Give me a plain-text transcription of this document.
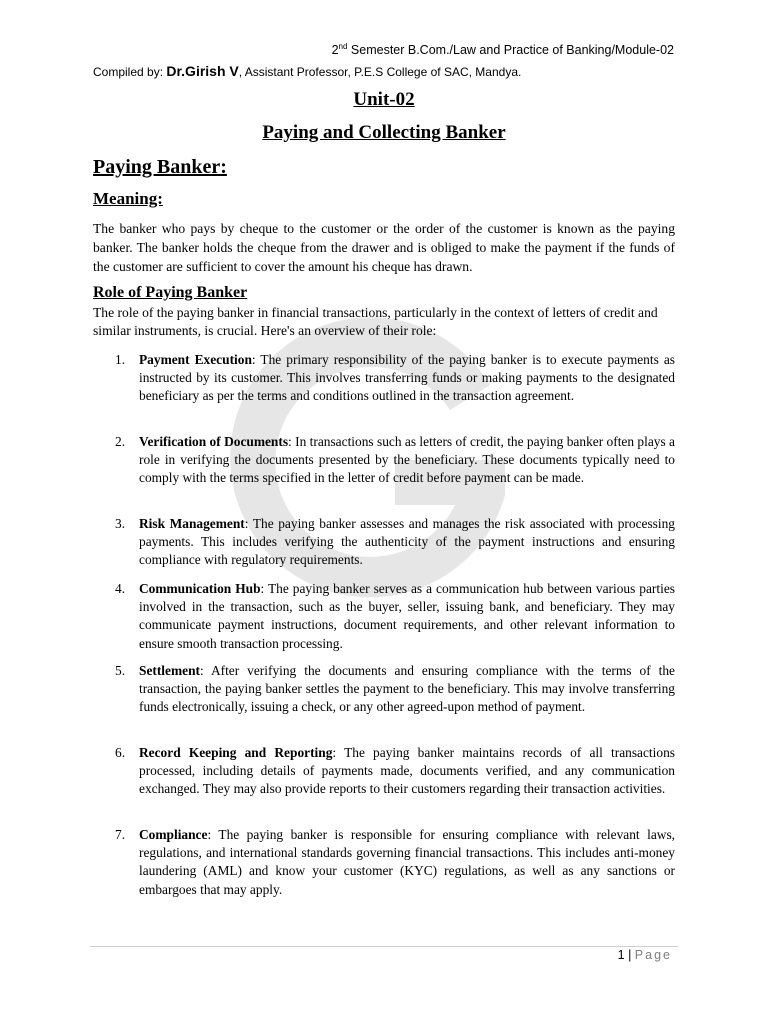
2nd Semester B.Com./Law and Practice of Banking/Module-02
Compiled by: Dr.Girish V, Assistant Professor, P.E.S College of SAC, Mandya.
Unit-02
Paying and Collecting Banker
Paying Banker:
Meaning:

The banker who pays by cheque to the customer or the order of the customer is known as the paying banker. The banker holds the cheque from the drawer and is obliged to make the payment if the funds of the customer are sufficient to cover the amount his cheque has drawn.

Role of Paying Banker

The role of the paying banker in financial transactions, particularly in the context of letters of credit and similar instruments, is crucial. Here's an overview of their role:

1.	Payment Execution: The primary responsibility of the paying banker is to execute payments as instructed by its customer. This involves transferring funds or making payments to the designated beneficiary as per the terms and conditions outlined in the transaction agreement.
2.	Verification of Documents: In transactions such as letters of credit, the paying banker often plays a role in verifying the documents presented by the beneficiary. These documents typically need to comply with the terms specified in the letter of credit before payment can be made.
3.	Risk Management: The paying banker assesses and manages the risk associated with processing payments. This includes verifying the authenticity of the payment instructions and ensuring compliance with regulatory requirements.
4.	Communication Hub: The paying banker serves as a communication hub between various parties involved in the transaction, such as the buyer, seller, issuing bank, and beneficiary. They may communicate payment instructions, document requirements, and other relevant information to ensure smooth transaction processing.
5.	Settlement: After verifying the documents and ensuring compliance with the terms of the transaction, the paying banker settles the payment to the beneficiary. This may involve transferring funds electronically, issuing a check, or any other agreed-upon method of payment.
6.	Record Keeping and Reporting: The paying banker maintains records of all transactions processed, including details of payments made, documents verified, and any communication exchanged. They may also provide reports to their customers regarding their transaction activities.
7.	Compliance: The paying banker is responsible for ensuring compliance with relevant laws, regulations, and international standards governing financial transactions. This includes anti-money laundering (AML) and know your customer (KYC) regulations, as well as any sanctions or embargoes that may apply.
1 | Page
